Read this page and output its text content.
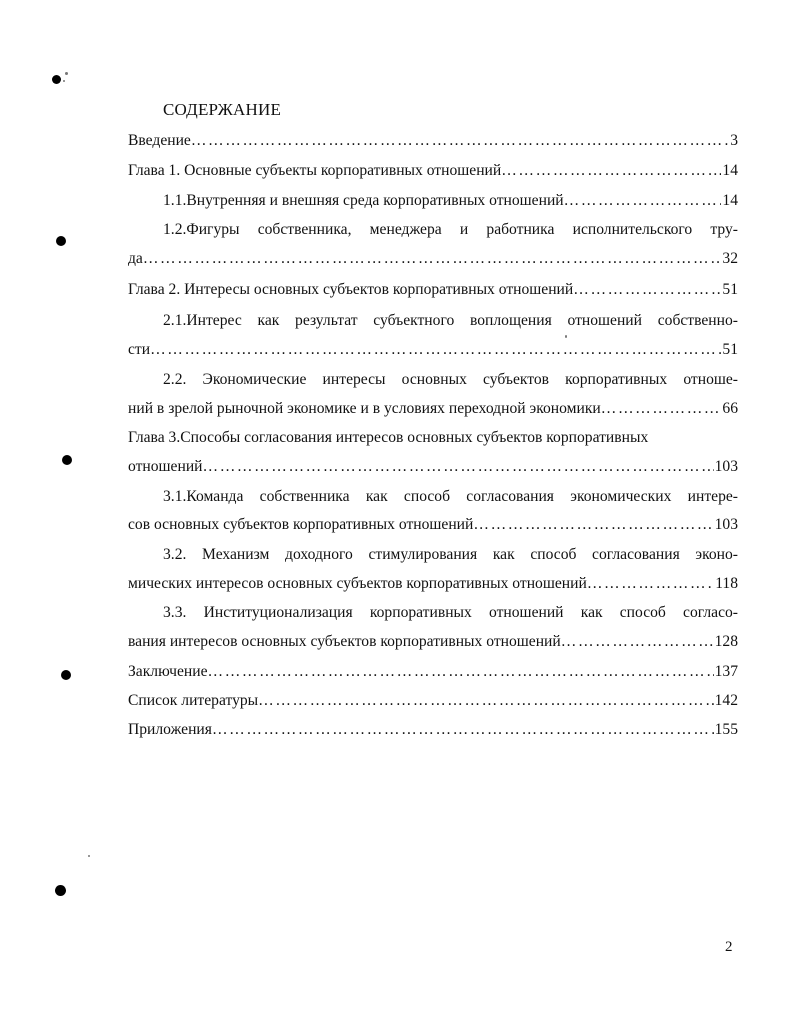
СОДЕРЖАНИЕ
Введение ………………………………………………………………………………………………………………………………………………………………………………………………	3
Глава 1. Основные субъекты корпоративных отношений ………………………………………………………………………………………………………………………………………………………………………………………………	14
1.1.Внутренняя и внешняя среда корпоративных отношений ………………………………………………………………………………………………………………………………………………………………………………………………	14
1.2.Фигуры собственника, менеджера и работника исполнительского тру-
да ………………………………………………………………………………………………………………………………………………………………………………………………	32
Глава 2. Интересы основных субъектов корпоративных отношений ………………………………………………………………………………………………………………………………………………………………………………………………	51
2.1.Интерес как результат субъектного воплощения отношений собственно-
сти ………………………………………………………………………………………………………………………………………………………………………………………………	51
2.2. Экономические интересы основных субъектов корпоративных отноше-
ний в зрелой рыночной экономике и в условиях переходной экономики ………………………………………………………………………………………………………………………………………………………………………………………………	66
Глава 3.Способы согласования интересов основных субъектов корпоративных
отношений ………………………………………………………………………………………………………………………………………………………………………………………………	103
3.1.Команда собственника как способ согласования экономических интере-
сов основных субъектов корпоративных отношений ………………………………………………………………………………………………………………………………………………………………………………………………	103
3.2. Механизм доходного стимулирования как способ согласования эконо-
мических интересов основных субъектов корпоративных отношений ………………………………………………………………………………………………………………………………………………………………………………………………	118
3.3. Институционализация корпоративных отношений как способ согласо-
вания интересов основных субъектов корпоративных отношений ………………………………………………………………………………………………………………………………………………………………………………………………	128
Заключение ………………………………………………………………………………………………………………………………………………………………………………………………	137
Список литературы ………………………………………………………………………………………………………………………………………………………………………………………………	142
Приложения ………………………………………………………………………………………………………………………………………………………………………………………………	155
2
